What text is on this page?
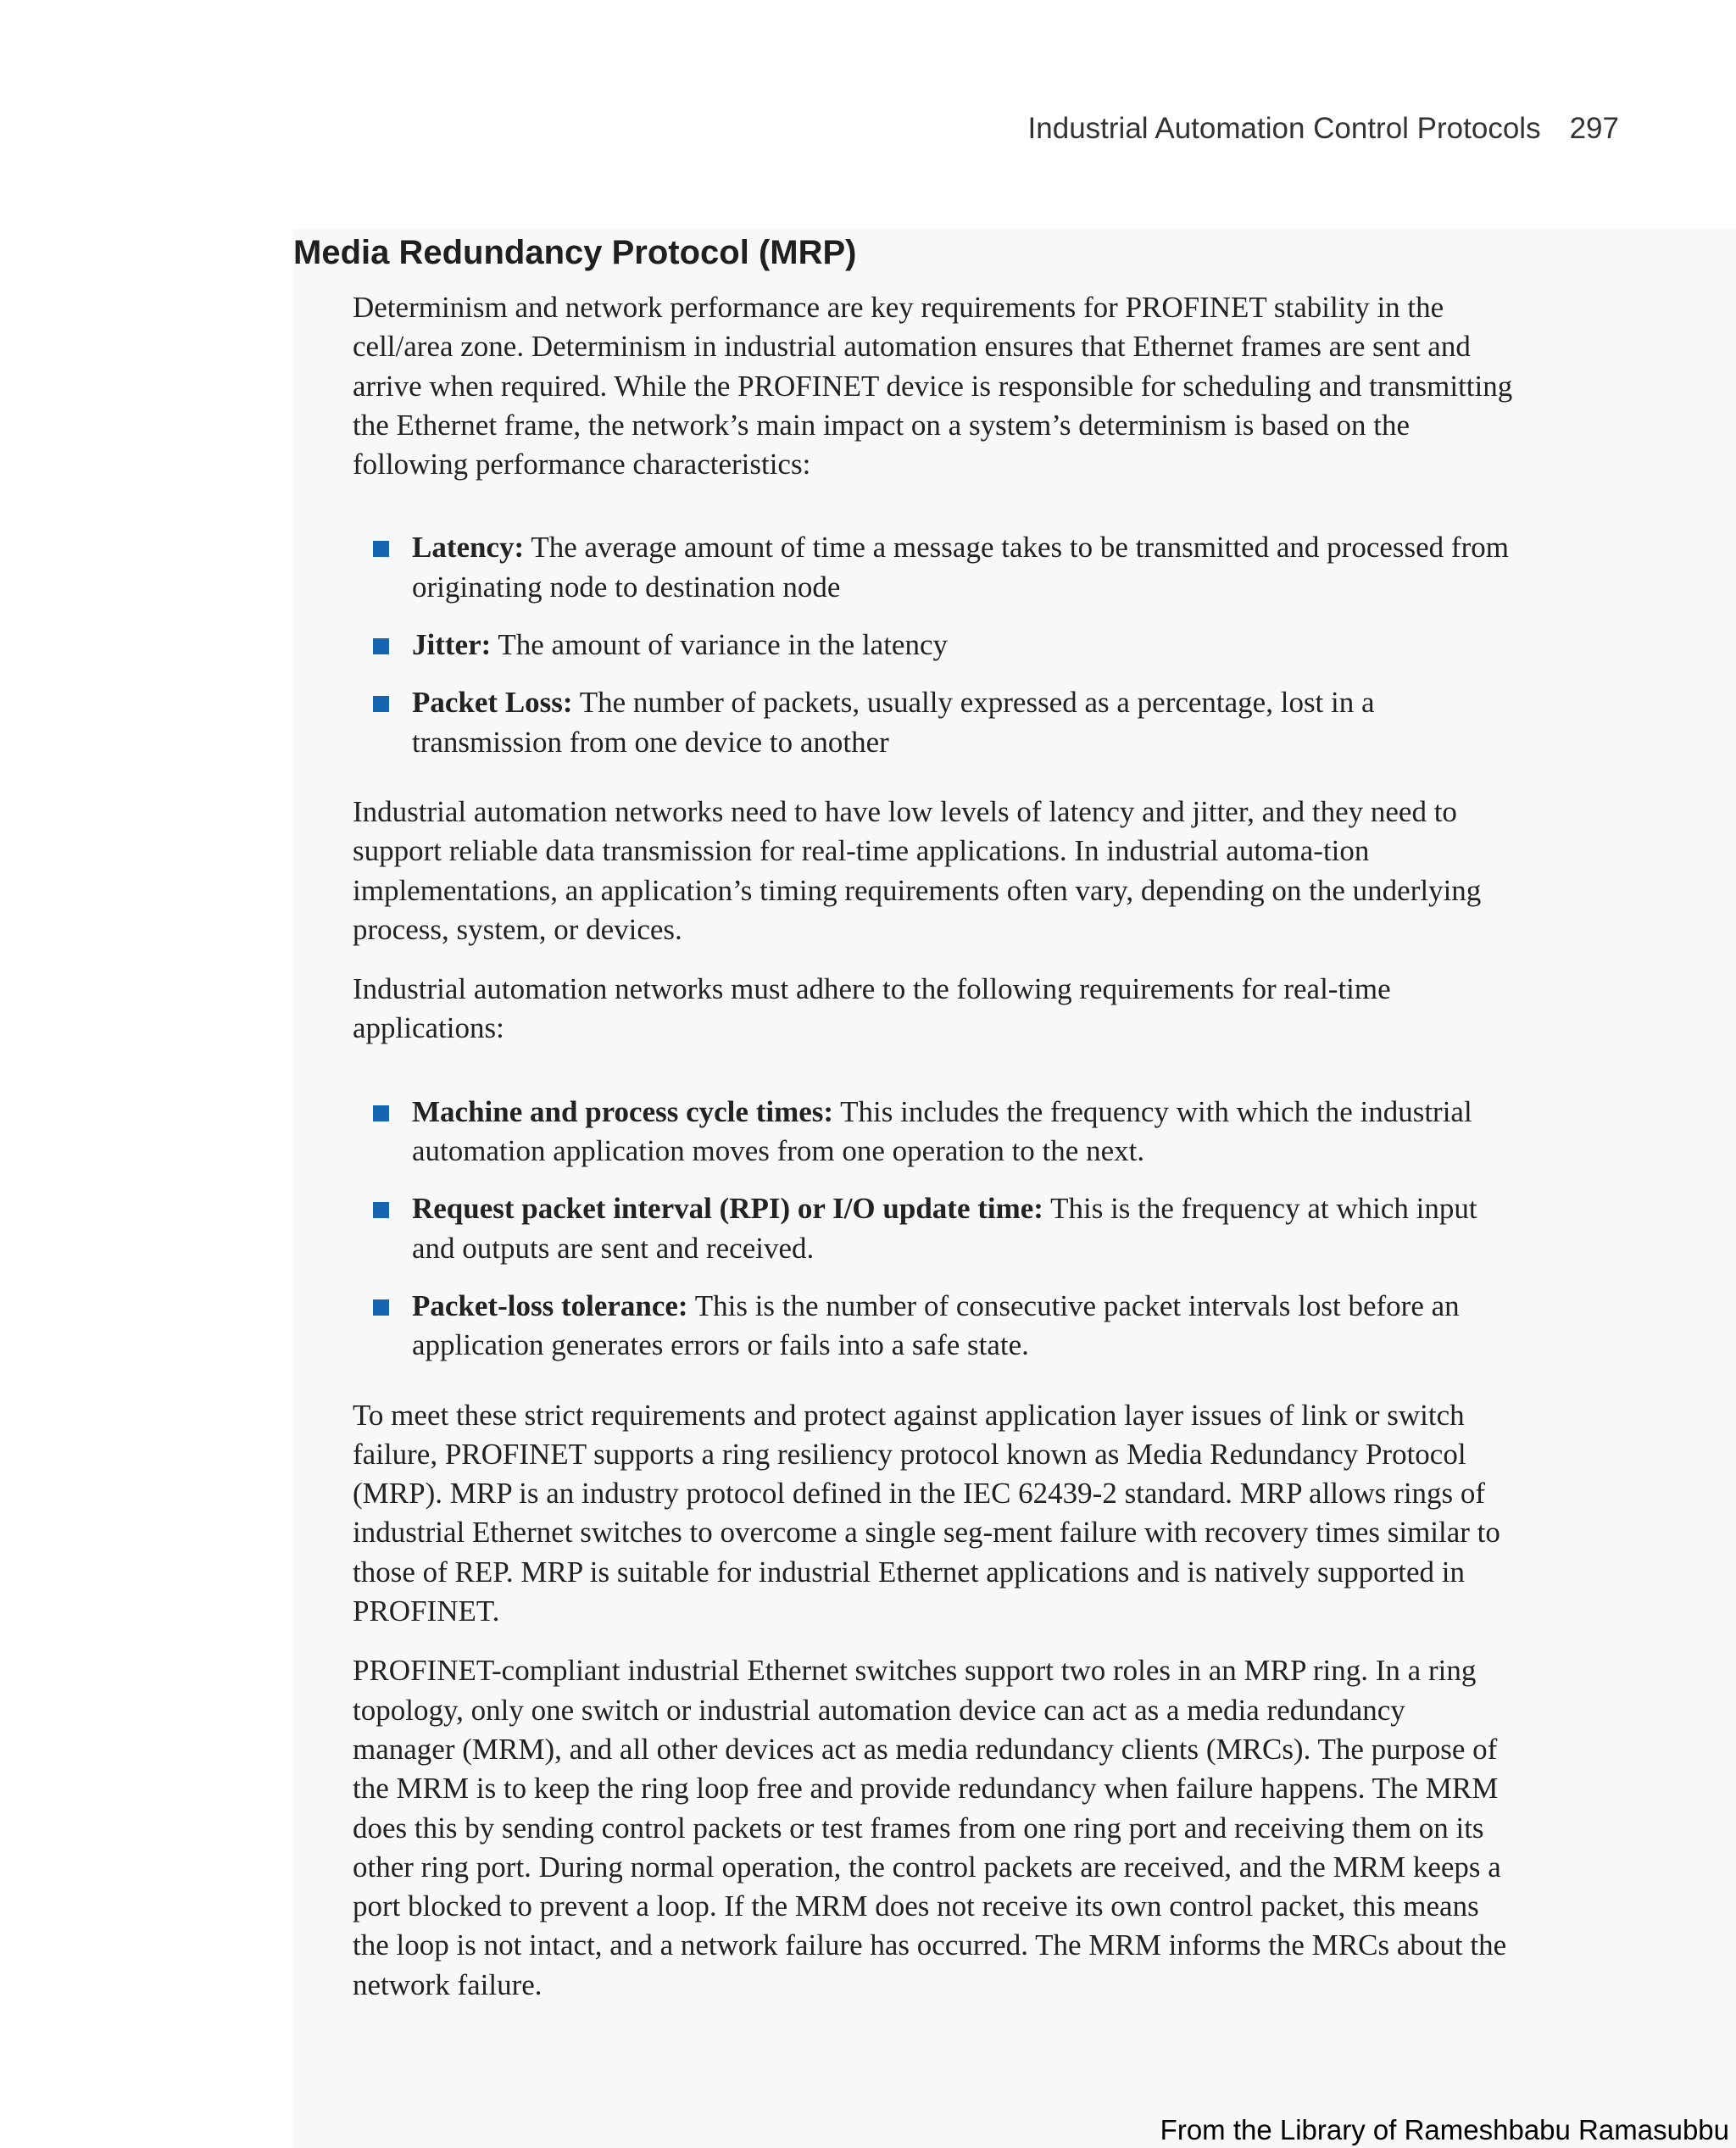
Industrial Automation Control Protocols 297
Media Redundancy Protocol (MRP)

Determinism and network performance are key requirements for PROFINET stability in the cell/area zone. Determinism in industrial automation ensures that Ethernet frames are sent and arrive when required. While the PROFINET device is responsible for scheduling and transmitting the Ethernet frame, the network’s main impact on a system’s determinism is based on the following performance characteristics:

Latency: The average amount of time a message takes to be transmitted and processed from originating node to destination node
Jitter: The amount of variance in the latency
Packet Loss: The number of packets, usually expressed as a percentage, lost in a transmission from one device to another

Industrial automation networks need to have low levels of latency and jitter, and they need to support reliable data transmission for real-time applications. In industrial automa-tion implementations, an application’s timing requirements often vary, depending on the underlying process, system, or devices.

Industrial automation networks must adhere to the following requirements for real-time applications:

Machine and process cycle times: This includes the frequency with which the industrial automation application moves from one operation to the next.
Request packet interval (RPI) or I/O update time: This is the frequency at which input and outputs are sent and received.
Packet-loss tolerance: This is the number of consecutive packet intervals lost before an application generates errors or fails into a safe state.

To meet these strict requirements and protect against application layer issues of link or switch failure, PROFINET supports a ring resiliency protocol known as Media Redundancy Protocol (MRP). MRP is an industry protocol defined in the IEC 62439-2 standard. MRP allows rings of industrial Ethernet switches to overcome a single seg-ment failure with recovery times similar to those of REP. MRP is suitable for industrial Ethernet applications and is natively supported in PROFINET.

PROFINET-compliant industrial Ethernet switches support two roles in an MRP ring. In a ring topology, only one switch or industrial automation device can act as a media redundancy manager (MRM), and all other devices act as media redundancy clients (MRCs). The purpose of the MRM is to keep the ring loop free and provide redundancy when failure happens. The MRM does this by sending control packets or test frames from one ring port and receiving them on its other ring port. During normal operation, the control packets are received, and the MRM keeps a port blocked to prevent a loop. If the MRM does not receive its own control packet, this means the loop is not intact, and a network failure has occurred. The MRM informs the MRCs about the network failure.

From the Library of Rameshbabu Ramasubbu
